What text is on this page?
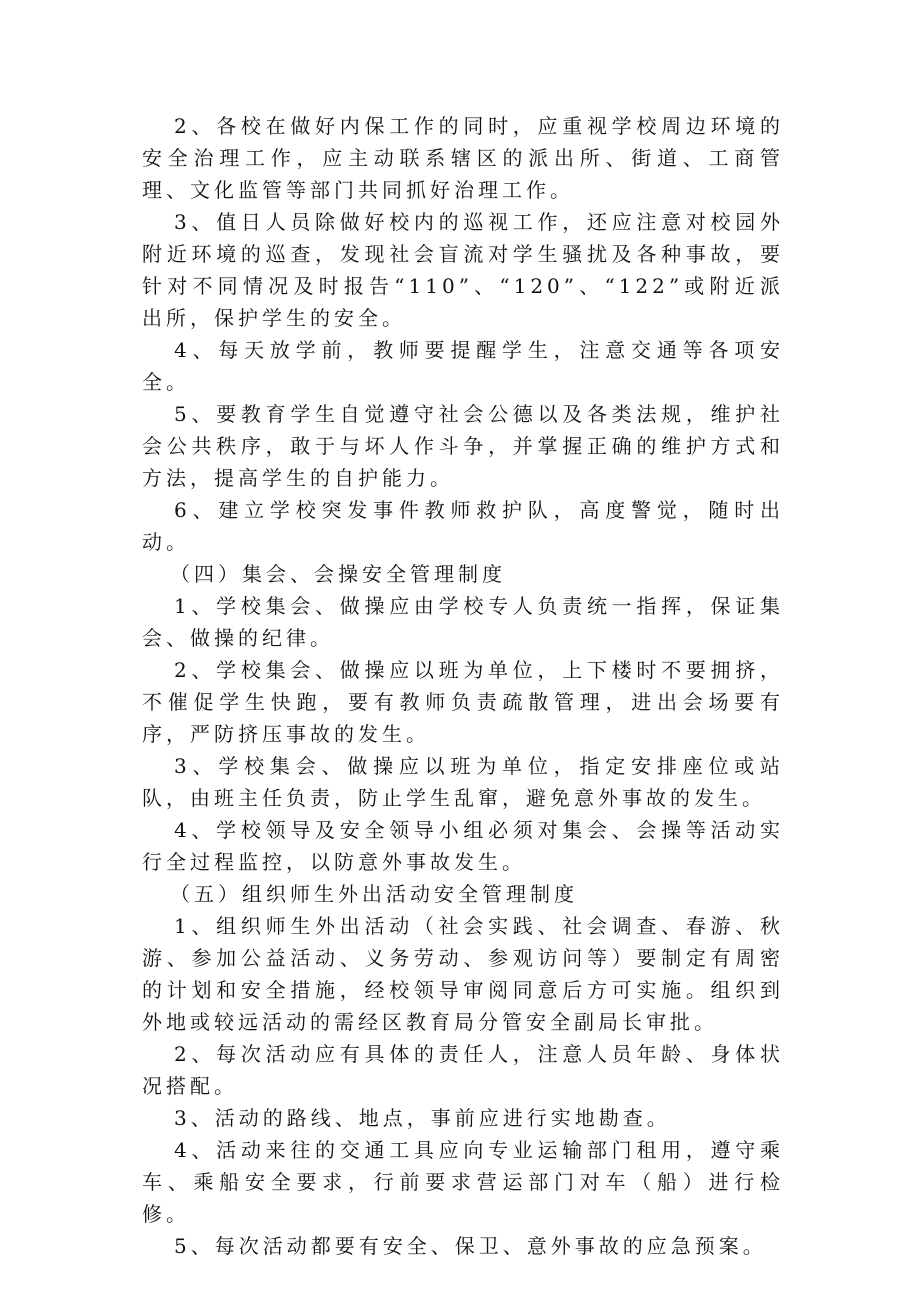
2、各校在做好内保工作的同时，应重视学校周边环境的安全治理工作，应主动联系辖区的派出所、街道、工商管理、文化监管等部门共同抓好治理工作。

3、值日人员除做好校内的巡视工作，还应注意对校园外附近环境的巡查，发现社会盲流对学生骚扰及各种事故，要针对不同情况及时报告“110”、“120”、“122”或附近派出所，保护学生的安全。

4、每天放学前，教师要提醒学生，注意交通等各项安全。

5、要教育学生自觉遵守社会公德以及各类法规，维护社会公共秩序，敢于与坏人作斗争，并掌握正确的维护方式和方法，提高学生的自护能力。

6、建立学校突发事件教师救护队，高度警觉，随时出动。

（四）集会、会操安全管理制度

1、学校集会、做操应由学校专人负责统一指挥，保证集会、做操的纪律。

2、学校集会、做操应以班为单位，上下楼时不要拥挤，不催促学生快跑，要有教师负责疏散管理，进出会场要有序，严防挤压事故的发生。

3、学校集会、做操应以班为单位，指定安排座位或站队，由班主任负责，防止学生乱窜，避免意外事故的发生。

4、学校领导及安全领导小组必须对集会、会操等活动实行全过程监控，以防意外事故发生。

（五）组织师生外出活动安全管理制度

1、组织师生外出活动（社会实践、社会调查、春游、秋游、参加公益活动、义务劳动、参观访问等）要制定有周密的计划和安全措施，经校领导审阅同意后方可实施。组织到外地或较远活动的需经区教育局分管安全副局长审批。

2、每次活动应有具体的责任人，注意人员年龄、身体状况搭配。

3、活动的路线、地点，事前应进行实地勘查。

4、活动来往的交通工具应向专业运输部门租用，遵守乘车、乘船安全要求，行前要求营运部门对车（船）进行检修。

5、每次活动都要有安全、保卫、意外事故的应急预案。
